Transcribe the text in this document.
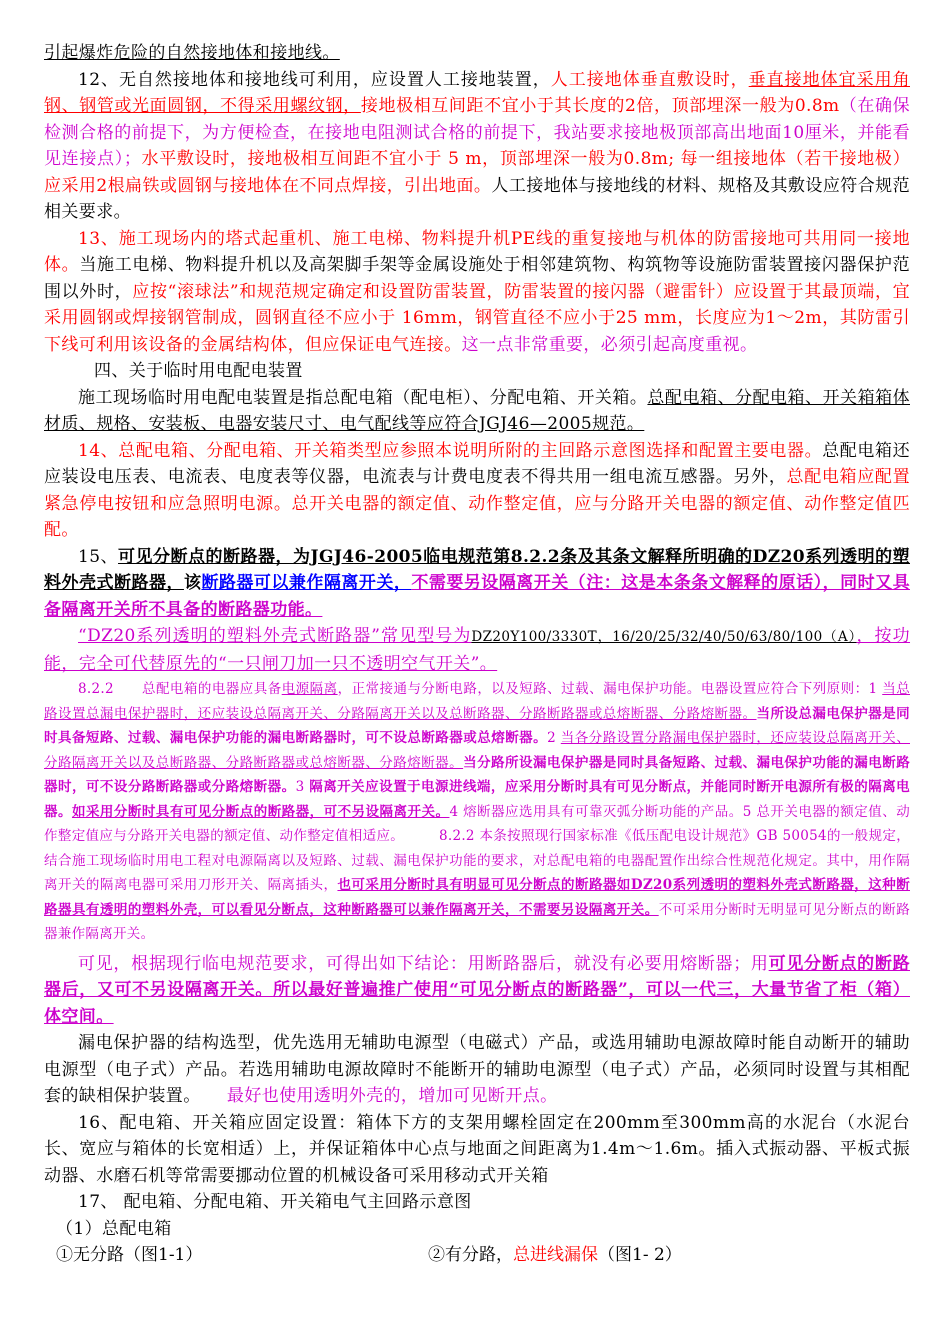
引起爆炸危险的自然接地体和接地线。

12、无自然接地体和接地线可利用，应设置人工接地装置，人工接地体垂直敷设时，垂直接地体宜采用角钢、钢管或光面圆钢，不得采用螺纹钢，接地极相互间距不宜小于其长度的2倍，顶部埋深一般为0.8m（在确保检测合格的前提下，为方便检查，在接地电阻测试合格的前提下，我站要求接地极顶部高出地面10厘米，并能看见连接点）；水平敷设时，接地极相互间距不宜小于 5 m，顶部埋深一般为0.8m; 每一组接地体（若干接地极）应采用2根扁铁或圆钢与接地体在不同点焊接，引出地面。人工接地体与接地线的材料、规格及其敷设应符合规范相关要求。

13、施工现场内的塔式起重机、施工电梯、物料提升机PE线的重复接地与机体的防雷接地可共用同一接地体。当施工电梯、物料提升机以及高架脚手架等金属设施处于相邻建筑物、构筑物等设施防雷装置接闪器保护范围以外时，应按“滚球法”和规范规定确定和设置防雷装置，防雷装置的接闪器（避雷针）应设置于其最顶端，宜采用圆钢或焊接钢管制成，圆钢直径不应小于 16mm，钢管直径不应小于25 mm，长度应为1～2m，其防雷引下线可利用该设备的金属结构体，但应保证电气连接。这一点非常重要，必须引起高度重视。

四、关于临时用电配电装置

施工现场临时用电配电装置是指总配电箱（配电柜）、分配电箱、开关箱。总配电箱、分配电箱、开关箱箱体材质、规格、安装板、电器安装尺寸、电气配线等应符合JGJ46—2005规范。

14、总配电箱、分配电箱、开关箱类型应参照本说明所附的主回路示意图选择和配置主要电器。总配电箱还应装设电压表、电流表、电度表等仪器，电流表与计费电度表不得共用一组电流互感器。另外，总配电箱应配置紧急停电按钮和应急照明电源。总开关电器的额定值、动作整定值，应与分路开关电器的额定值、动作整定值匹配。

15、可见分断点的断路器，为JGJ46-2005临电规范第8.2.2条及其条文解释所明确的DZ20系列透明的塑料外壳式断路器，该断路器可以兼作隔离开关，不需要另设隔离开关（注：这是本条条文解释的原话），同时又具备隔离开关所不具备的断路器功能。

“DZ20系列透明的塑料外壳式断路器”常见型号为DZ20Y100/3330T，16/20/25/32/40/50/63/80/100（A），按功能，完全可代替原先的“一只闸刀加一只不透明空气开关”。

8.2.2　　总配电箱的电器应具备电源隔离，正常接通与分断电路，以及短路、过载、漏电保护功能。电器设置应符合下列原则：1 当总路设置总漏电保护器时，还应装设总隔离开关、分路隔离开关以及总断路器、分路断路器或总熔断器、分路熔断器。当所设总漏电保护器是同时具备短路、过载、漏电保护功能的漏电断路器时，可不设总断路器或总熔断器。2 当各分路设置分路漏电保护器时，还应装设总隔离开关、分路隔离开关以及总断路器、分路断路器或总熔断器、分路熔断器。当分路所设漏电保护器是同时具备短路、过载、漏电保护功能的漏电断路器时，可不设分路断路器或分路熔断器。3 隔离开关应设置于电源进线端，应采用分断时具有可见分断点，并能同时断开电源所有极的隔离电器。如采用分断时具有可见分断点的断路器，可不另设隔离开关。4 熔断器应选用具有可靠灭弧分断功能的产品。5 总开关电器的额定值、动作整定值应与分路开关电器的额定值、动作整定值相适应。　　　8.2.2 本条按照现行国家标准《低压配电设计规范》GB 50054的一般规定，结合施工现场临时用电工程对电源隔离以及短路、过载、漏电保护功能的要求，对总配电箱的电器配置作出综合性规范化规定。其中，用作隔离开关的隔离电器可采用刀形开关、隔离插头，也可采用分断时具有明显可见分断点的断路器如DZ20系列透明的塑料外壳式断路器，这种断路器具有透明的塑料外壳，可以看见分断点，这种断路器可以兼作隔离开关，不需要另设隔离开关。不可采用分断时无明显可见分断点的断路器兼作隔离开关。

可见，根据现行临电规范要求，可得出如下结论：用断路器后，就没有必要用熔断器；用可见分断点的断路器后，又可不另设隔离开关。所以最好普遍推广使用“可见分断点的断路器”，可以一代三，大量节省了柜（箱）体空间。

漏电保护器的结构选型，优先选用无辅助电源型（电磁式）产品，或选用辅助电源故障时能自动断开的辅助电源型（电子式）产品。若选用辅助电源故障时不能断开的辅助电源型（电子式）产品，必须同时设置与其相配套的缺相保护装置。　　 最好也使用透明外壳的，增加可见断开点。

16、配电箱、开关箱应固定设置：箱体下方的支架用螺栓固定在200mm至300mm高的水泥台（水泥台长、宽应与箱体的长宽相适）上，并保证箱体中心点与地面之间距离为1.4m～1.6m。插入式振动器、平板式振动器、水磨石机等常需要挪动位置的机械设备可采用移动式开关箱

17、 配电箱、分配电箱、开关箱电气主回路示意图

（1）总配电箱

①无分路（图1-1）	②有分路，总进线漏保（图1- 2）
